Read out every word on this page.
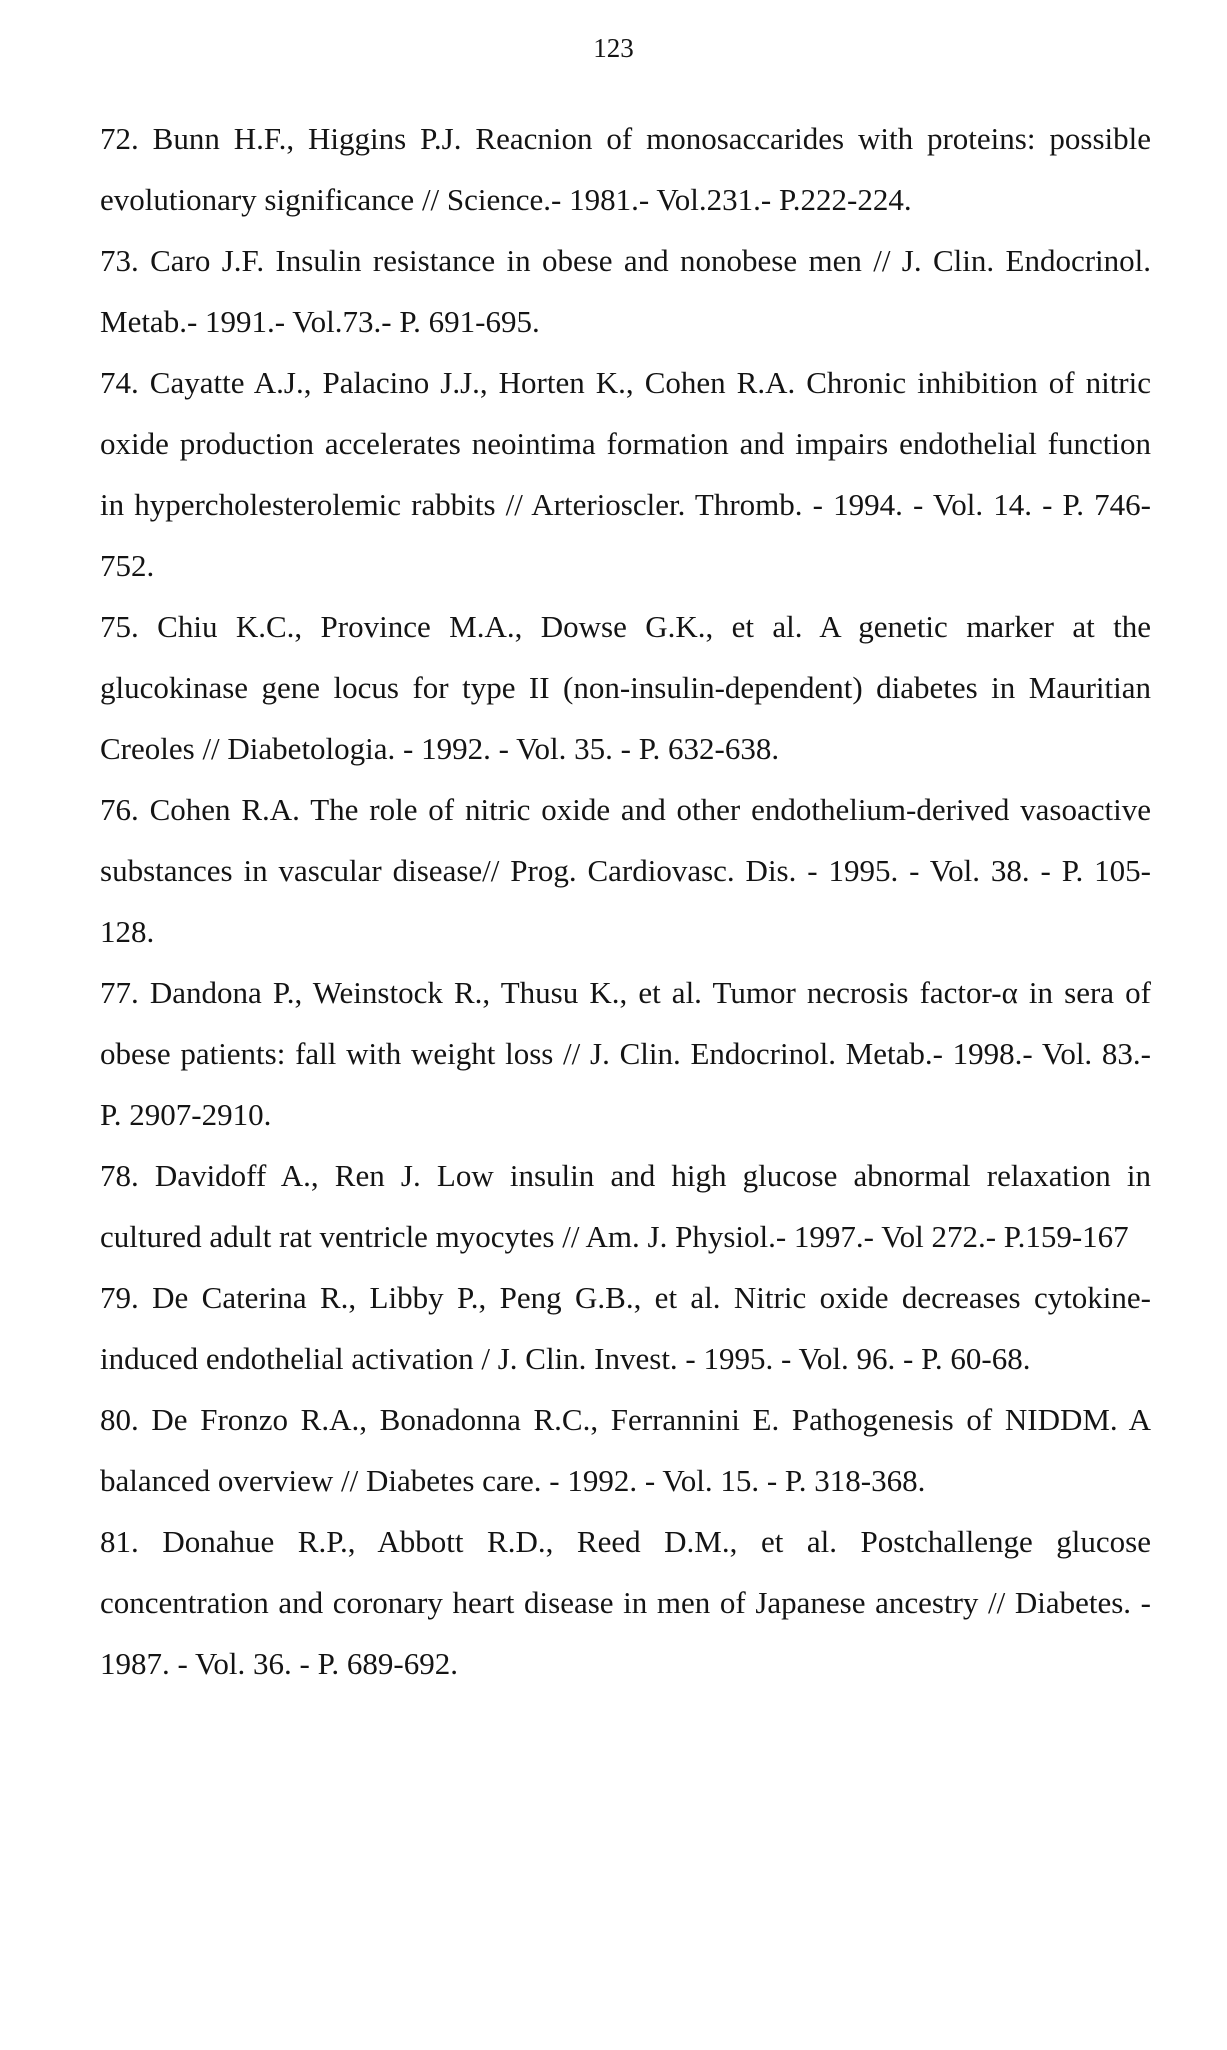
123
72. Bunn H.F., Higgins P.J. Reacnion of monosaccarides with proteins: possible evolutionary significance // Science.- 1981.- Vol.231.- P.222-224.
73. Caro J.F. Insulin resistance in obese and nonobese men // J. Clin. Endocrinol. Metab.- 1991.- Vol.73.- P. 691-695.
74. Cayatte A.J., Palacino J.J., Horten K., Cohen R.A. Chronic inhibition of nitric oxide production accelerates neointima formation and impairs endothelial function in hypercholesterolemic rabbits // Arterioscler. Thromb. - 1994. - Vol. 14. - P. 746-752.
75. Chiu K.C., Province M.A., Dowse G.K., et al. A genetic marker at the glucokinase gene locus for type II (non-insulin-dependent) diabetes in Mauritian Creoles // Diabetologia. - 1992. - Vol. 35. - P. 632-638.
76. Cohen R.A. The role of nitric oxide and other endothelium-derived vasoactive substances in vascular disease// Prog. Cardiovasc. Dis. - 1995. - Vol. 38. - P. 105-128.
77. Dandona P., Weinstock R., Thusu K., et al. Tumor necrosis factor-α in sera of obese patients: fall with weight loss // J. Clin. Endocrinol. Metab.- 1998.- Vol. 83.- P. 2907-2910.
78. Davidoff A., Ren J. Low insulin and high glucose abnormal relaxation in cultured adult rat ventricle myocytes // Am. J. Physiol.- 1997.- Vol 272.- P.159-167
79. De Caterina R., Libby P., Peng G.B., et al. Nitric oxide decreases cytokine-induced endothelial activation / J. Clin. Invest. - 1995. - Vol. 96. - P. 60-68.
80. De Fronzo R.A., Bonadonna R.C., Ferrannini E. Pathogenesis of NIDDM. A balanced overview // Diabetes care. - 1992. - Vol. 15. - P. 318-368.
81. Donahue R.P., Abbott R.D., Reed D.M., et al. Postchallenge glucose concentration and coronary heart disease in men of Japanese ancestry // Diabetes. - 1987. - Vol. 36. - P. 689-692.
